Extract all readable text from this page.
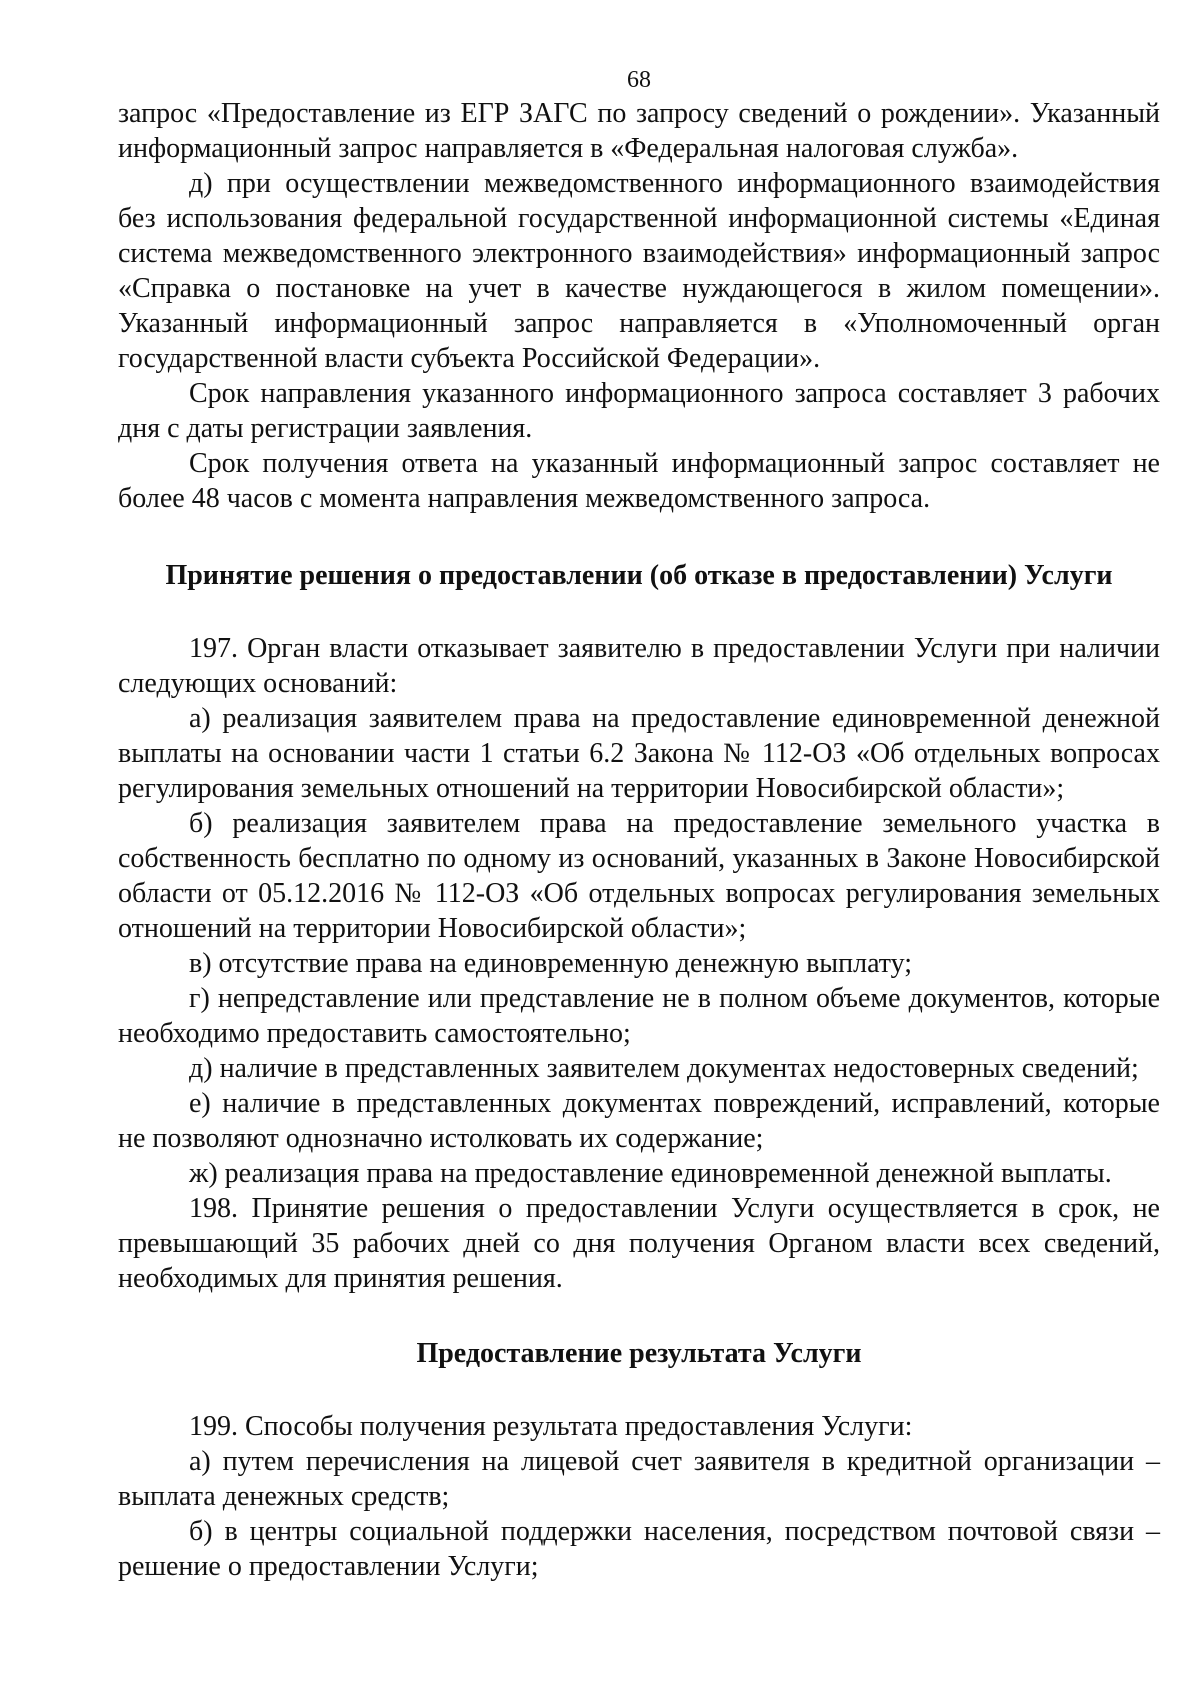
68

запрос «Предоставление из ЕГР ЗАГС по запросу сведений о рождении». Указанный информационный запрос направляется в «Федеральная налоговая служба».

д) при осуществлении межведомственного информационного взаимодействия без использования федеральной государственной информационной системы «Единая система межведомственного электронного взаимодействия» информационный запрос «Справка о постановке на учет в качестве нуждающегося в жилом помещении». Указанный информационный запрос направляется в «Уполномоченный орган государственной власти субъекта Российской Федерации».

Срок направления указанного информационного запроса составляет 3 рабочих дня с даты регистрации заявления.

Срок получения ответа на указанный информационный запрос составляет не более 48 часов с момента направления межведомственного запроса.

Принятие решения о предоставлении (об отказе в предоставлении) Услуги

197. Орган власти отказывает заявителю в предоставлении Услуги при наличии следующих оснований:

а) реализация заявителем права на предоставление единовременной денежной выплаты на основании части 1 статьи 6.2 Закона № 112-ОЗ «Об отдельных вопросах регулирования земельных отношений на территории Новосибирской области»;

б) реализация заявителем права на предоставление земельного участка в собственность бесплатно по одному из оснований, указанных в Законе Новосибирской области от 05.12.2016 № 112-ОЗ «Об отдельных вопросах регулирования земельных отношений на территории Новосибирской области»;

в) отсутствие права на единовременную денежную выплату;

г) непредставление или представление не в полном объеме документов, которые необходимо предоставить самостоятельно;

д) наличие в представленных заявителем документах недостоверных сведений;

е) наличие в представленных документах повреждений, исправлений, которые не позволяют однозначно истолковать их содержание;

ж) реализация права на предоставление единовременной денежной выплаты.

198. Принятие решения о предоставлении Услуги осуществляется в срок, не превышающий 35 рабочих дней со дня получения Органом власти всех сведений, необходимых для принятия решения.

Предоставление результата Услуги

199. Способы получения результата предоставления Услуги:

а) путем перечисления на лицевой счет заявителя в кредитной организации – выплата денежных средств;

б) в центры социальной поддержки населения, посредством почтовой связи – решение о предоставлении Услуги;
